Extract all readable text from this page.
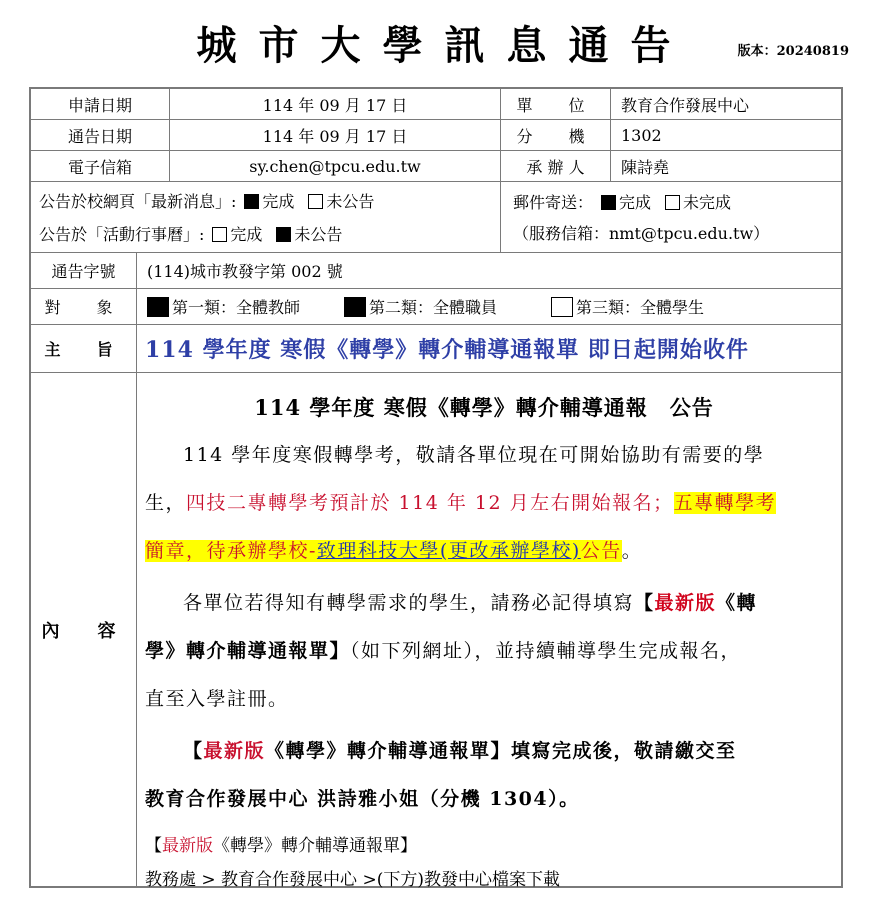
城市大學訊息通告	版本：20240819
申請日期	114 年 09 月 17 日	單　位	教育合作發展中心
通告日期	114 年 09 月 17 日	分　機	1302
電子信箱	sy.chen@tpcu.edu.tw	承 辦 人	陳詩堯
公告於校網頁「最新消息」: 完成 未公告
公告於「活動行事曆」: 完成 未公告
郵件寄送： 完成 未完成
（服務信箱：nmt@tpcu.edu.tw）
通告字號	(114)城市教發字第 002 號
對　象	第一類：全體教師	第二類：全體職員	第三類：全體學生
主　旨	114 學年度 寒假《轉學》轉介輔導通報單 即日起開始收件
內　容
114 學年度 寒假《轉學》轉介輔導通報　公告
114 學年度寒假轉學考，敬請各單位現在可開始協助有需要的學
生，四技二專轉學考預計於 114 年 12 月左右開始報名；五專轉學考
簡章，待承辦學校-致理科技大學(更改承辦學校)公告。
各單位若得知有轉學需求的學生，請務必記得填寫【最新版《轉
學》轉介輔導通報單】（如下列網址），並持續輔導學生完成報名，
直至入學註冊。
【最新版《轉學》轉介輔導通報單】填寫完成後，敬請繳交至
教育合作發展中心 洪詩雅小姐（分機 1304）。
【最新版《轉學》轉介輔導通報單】
教務處 > 教育合作發展中心 >(下方)教發中心檔案下載
